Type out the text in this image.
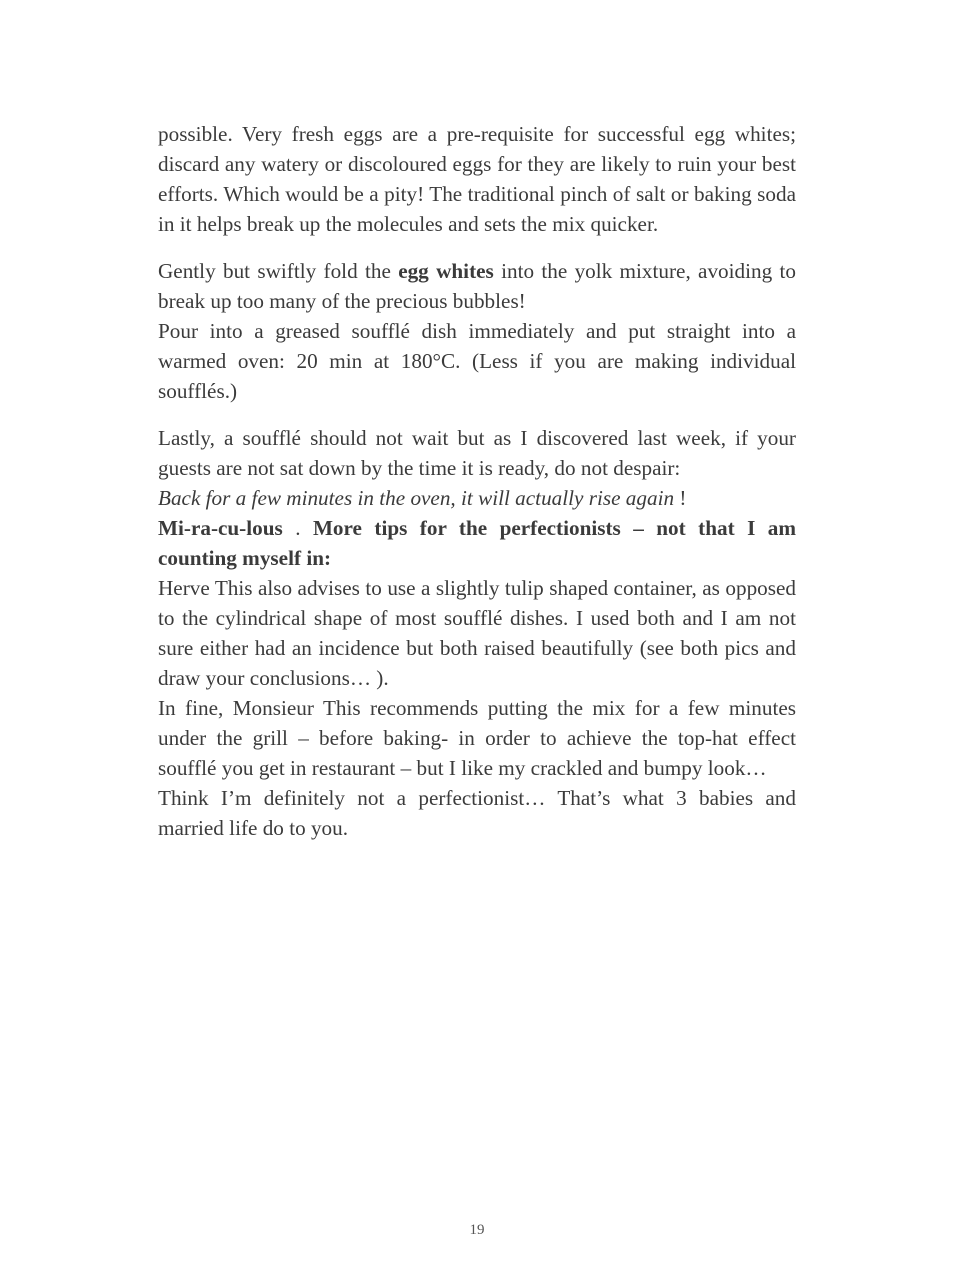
possible. Very fresh eggs are a pre-requisite for successful egg whites; discard any watery or discoloured eggs for they are likely to ruin your best efforts. Which would be a pity! The traditional pinch of salt or baking soda in it helps break up the molecules and sets the mix quicker.

Gently but swiftly fold the egg whites into the yolk mixture, avoiding to break up too many of the precious bubbles!

Pour into a greased soufflé dish immediately and put straight into a warmed oven: 20 min at 180°C. (Less if you are making individual soufflés.)

Lastly, a soufflé should not wait but as I discovered last week, if your guests are not sat down by the time it is ready, do not despair:

Back for a few minutes in the oven, it will actually rise again !

Mi-ra-cu-lous . More tips for the perfectionists – not that I am counting myself in:

Herve This also advises to use a slightly tulip shaped container, as opposed to the cylindrical shape of most soufflé dishes. I used both and I am not sure either had an incidence but both raised beautifully (see both pics and draw your conclusions… ).

In fine, Monsieur This recommends putting the mix for a few minutes under the grill – before baking- in order to achieve the top-hat effect soufflé you get in restaurant – but I like my crackled and bumpy look…

Think I’m definitely not a perfectionist… That’s what 3 babies and married life do to you.

19
